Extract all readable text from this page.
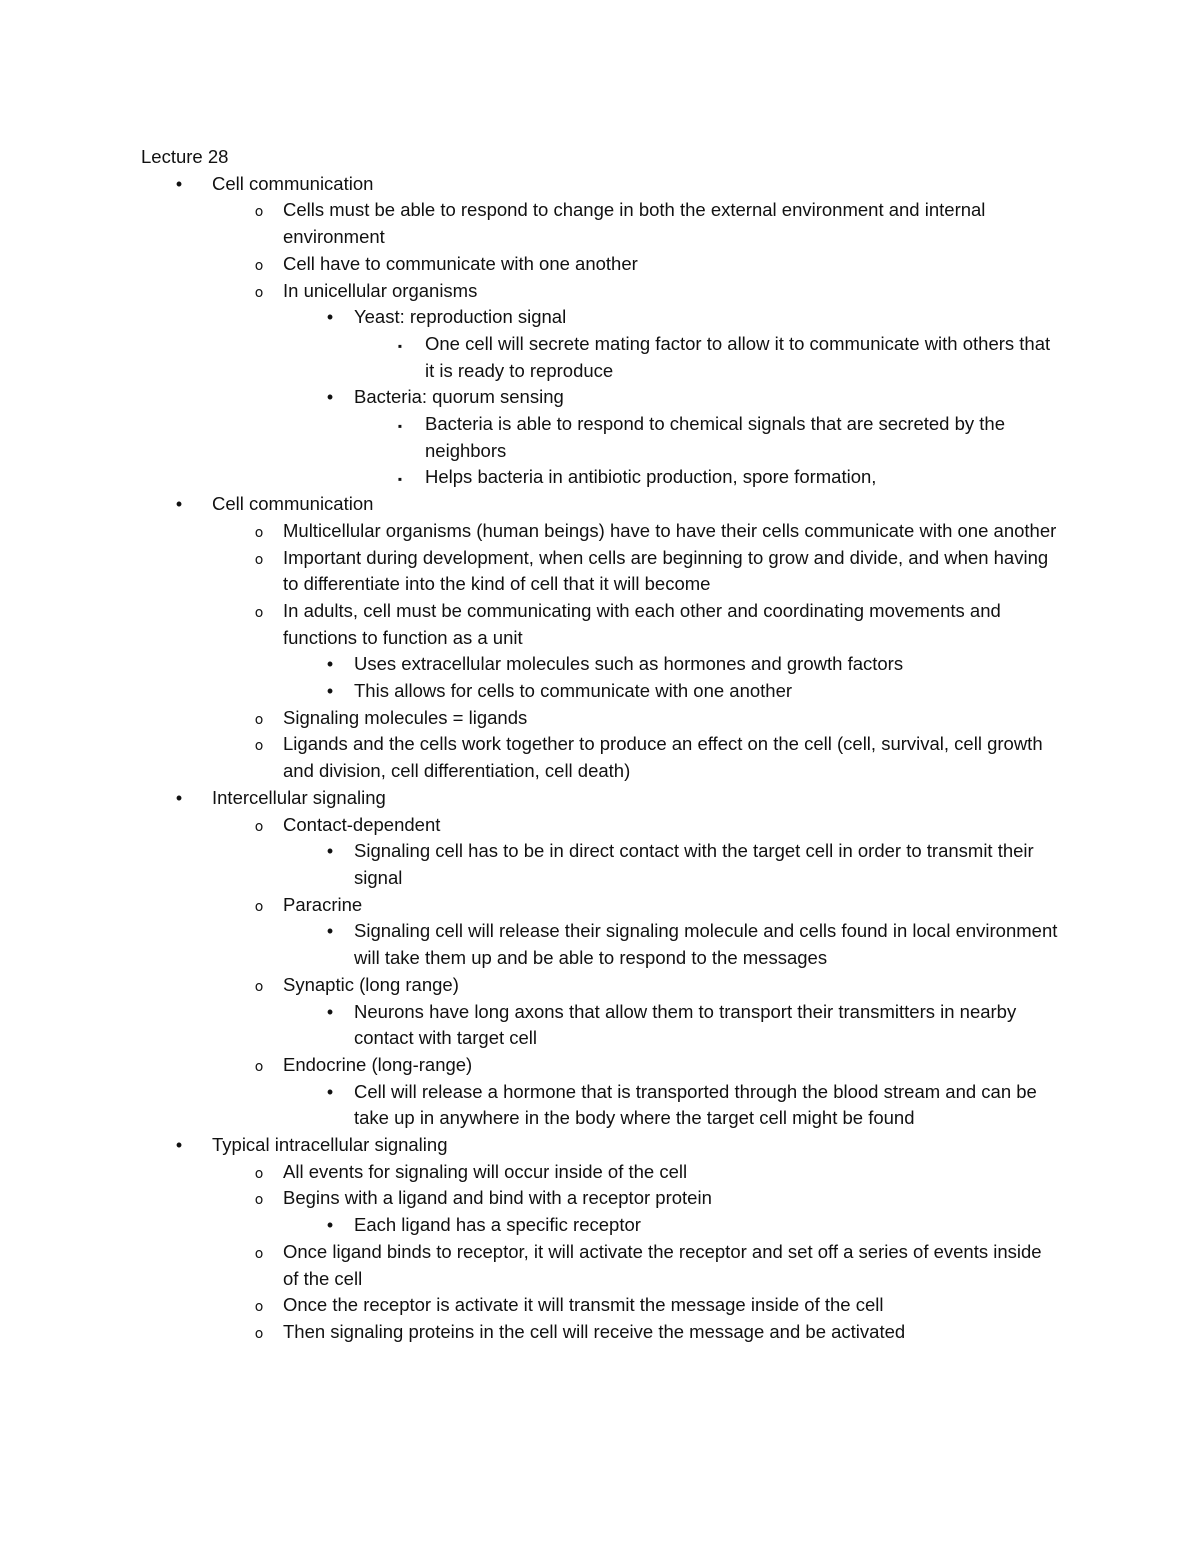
Lecture 28
•
Cell communication
o
Cells must be able to respond to change in both the external environment and internal environment
o
Cell have to communicate with one another
o
In unicellular organisms
•
Yeast: reproduction signal
▪
One cell will secrete mating factor to allow it to communicate with others that it is ready to reproduce
•
Bacteria: quorum sensing
▪
Bacteria is able to respond to chemical signals that are secreted by the neighbors
▪
Helps bacteria in antibiotic production, spore formation,
•
Cell communication
o
Multicellular organisms (human beings) have to have their cells communicate with one another
o
Important during development, when cells are beginning to grow and divide, and when having to differentiate into the kind of cell that it will become
o
In adults, cell must be communicating with each other and coordinating movements and functions to function as a unit
•
Uses extracellular molecules such as hormones and growth factors
•
This allows for cells to communicate with one another
o
Signaling molecules = ligands
o
Ligands and the cells work together to produce an effect on the cell (cell, survival, cell growth and division, cell differentiation, cell death)
•
Intercellular signaling
o
Contact-dependent
•
Signaling cell has to be in direct contact with the target cell in order to transmit their signal
o
Paracrine
•
Signaling cell will release their signaling molecule and cells found in local environment will take them up and be able to respond to the messages
o
Synaptic (long range)
•
Neurons have long axons that allow them to transport their transmitters in nearby contact with target cell
o
Endocrine (long-range)
•
Cell will release a hormone that is transported through the blood stream and can be take up in anywhere in the body where the target cell might be found
•
Typical intracellular signaling
o
All events for signaling will occur inside of the cell
o
Begins with a ligand and bind with a receptor protein
•
Each ligand has a specific receptor
o
Once ligand binds to receptor, it will activate the receptor and set off a series of events inside of the cell
o
Once the receptor is activate it will transmit the message inside of the cell
o
Then signaling proteins in the cell will receive the message and be activated
